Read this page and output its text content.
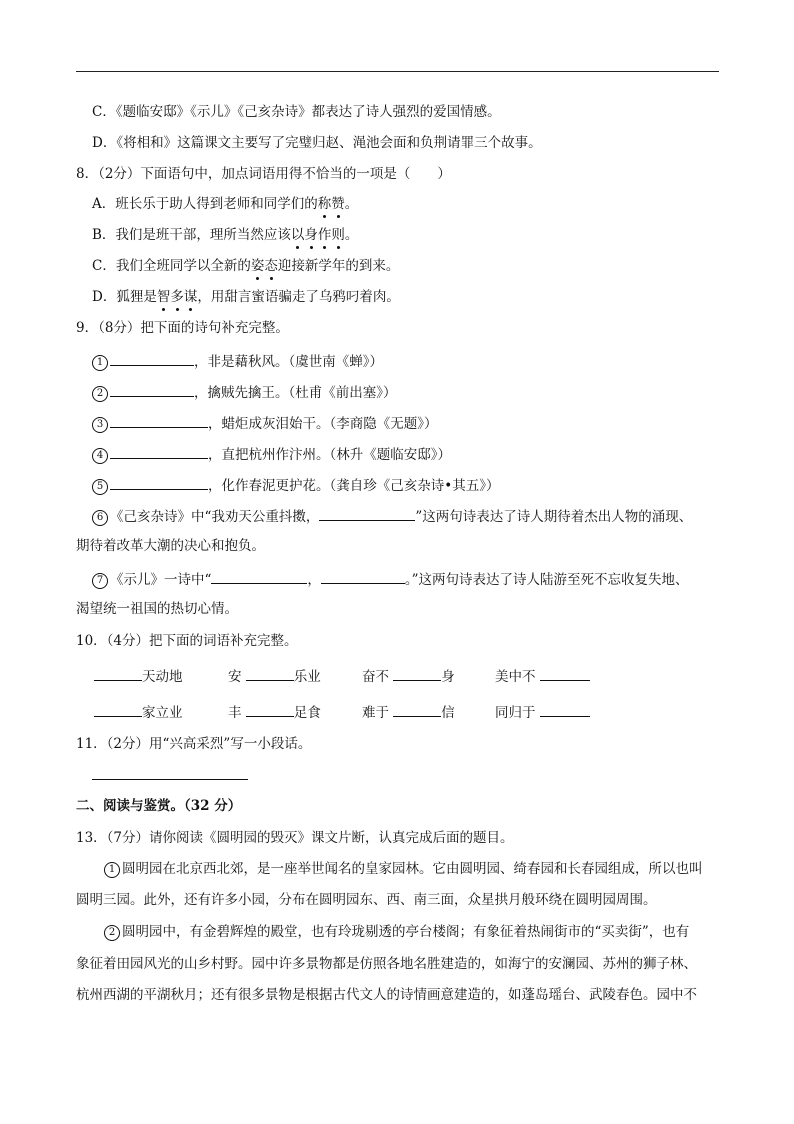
C．《题临安邸》《示儿》《己亥杂诗》都表达了诗人强烈的爱国情感。
D．《将相和》这篇课文主要写了完璧归赵、渑池会面和负荆请罪三个故事。
8．（2分）下面语句中，加点词语用得不恰当的一项是（　　）
A．班长乐于助人得到老师和同学们的称赞。
B．我们是班干部，理所当然应该以身作则。
C．我们全班同学以全新的姿态迎接新学年的到来。
D．狐狸是智多谋，用甜言蜜语骗走了乌鸦叼着肉。
9．（8分）把下面的诗句补充完整。
1	，非是藉秋风。（虞世南《蝉》）
2	，擒贼先擒王。（杜甫《前出塞》）
3	，蜡炬成灰泪始干。（李商隐《无题》）
4	，直把杭州作汴州。（林升《题临安邸》）
5	，化作春泥更护花。（龚自珍《己亥杂诗•其五》）
6 《己亥杂诗》中“我劝天公重抖擞，	”这两句诗表达了诗人期待着杰出人物的涌现、
期待着改革大潮的决心和抱负。
7 《示儿》一诗中“	，	。”这两句诗表达了诗人陆游至死不忘收复失地、
渴望统一祖国的热切心情。
10．（4分）把下面的词语补充完整。
天动地	安	乐业	奋不	身	美中不
家立业	丰	足食	难于	信	同归于
11．（2分）用“兴高采烈”写一小段话。
二、阅读与鉴赏。（32 分）
13．（7分）请你阅读《圆明园的毁灭》课文片断，认真完成后面的题目。
1 圆明园在北京西北郊，是一座举世闻名的皇家园林。它由圆明园、绮春园和长春园组成，所以也叫
圆明三园。此外，还有许多小园，分布在圆明园东、西、南三面，众星拱月般环绕在圆明园周围。
2 圆明园中，有金碧辉煌的殿堂，也有玲珑剔透的亭台楼阁；有象征着热闹街市的“买卖街”，也有
象征着田园风光的山乡村野。园中许多景物都是仿照各地名胜建造的，如海宁的安澜园、苏州的狮子林、
杭州西湖的平湖秋月；还有很多景物是根据古代文人的诗情画意建造的，如蓬岛瑶台、武陵春色。园中不
